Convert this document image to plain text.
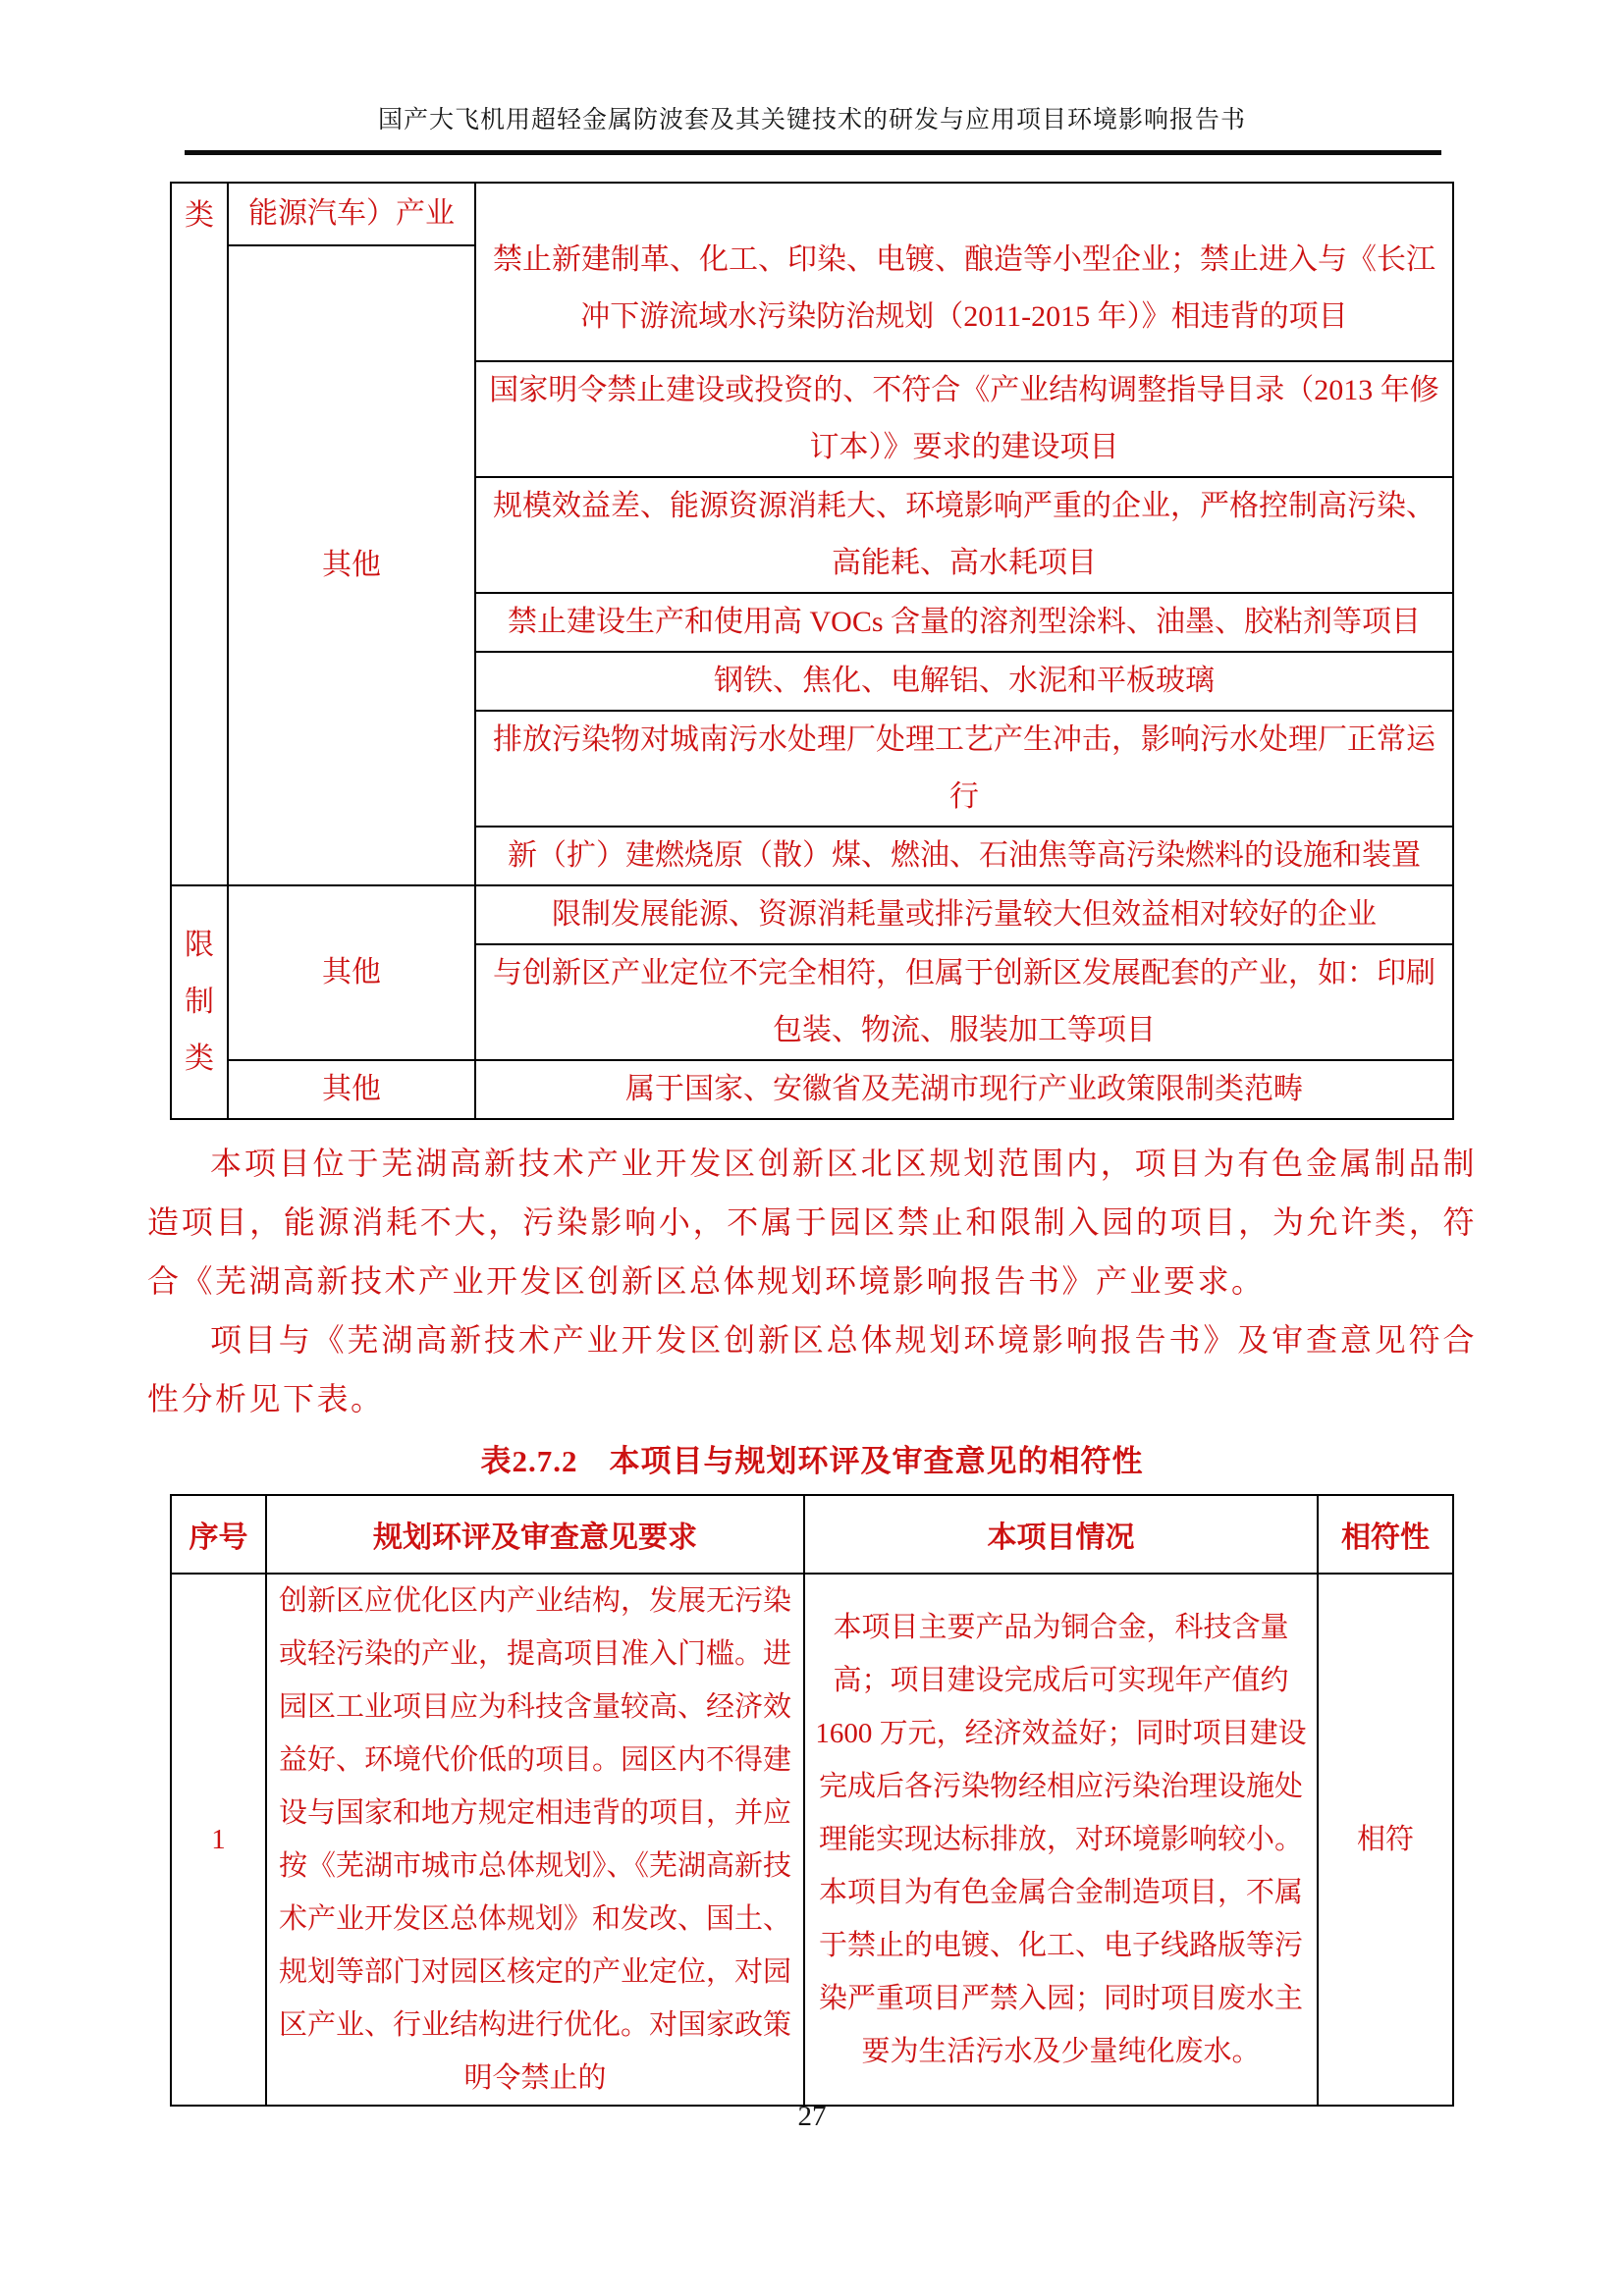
国产大飞机用超轻金属防波套及其关键技术的研发与应用项目环境影响报告书

类	能源汽车）产业	禁止新建制革、化工、印染、电镀、酿造等小型企业；禁止进入与《长江冲下游流域水污染防治规划（2011-2015 年）》相违背的项目
	其他	
		国家明令禁止建设或投资的、不符合《产业结构调整指导目录（2013 年修订本）》要求的建设项目
		规模效益差、能源资源消耗大、环境影响严重的企业，严格控制高污染、高能耗、高水耗项目
		禁止建设生产和使用高 VOCs 含量的溶剂型涂料、油墨、胶粘剂等项目
		钢铁、焦化、电解铝、水泥和平板玻璃
		排放污染物对城南污水处理厂处理工艺产生冲击，影响污水处理厂正常运行
		新（扩）建燃烧原（散）煤、燃油、石油焦等高污染燃料的设施和装置
限制类	其他	限制发展能源、资源消耗量或排污量较大但效益相对较好的企业
		与创新区产业定位不完全相符，但属于创新区发展配套的产业，如：印刷包装、物流、服装加工等项目
	其他	属于国家、安徽省及芜湖市现行产业政策限制类范畴

本项目位于芜湖高新技术产业开发区创新区北区规划范围内，项目为有色金属制品制造项目，能源消耗不大，污染影响小，不属于园区禁止和限制入园的项目，为允许类，符合《芜湖高新技术产业开发区创新区总体规划环境影响报告书》产业要求。

项目与《芜湖高新技术产业开发区创新区总体规划环境影响报告书》及审查意见符合性分析见下表。

表2.7.2　本项目与规划环评及审查意见的相符性

序号	规划环评及审查意见要求	本项目情况	相符性
1	创新区应优化区内产业结构，发展无污染或轻污染的产业，提高项目准入门槛。进园区工业项目应为科技含量较高、经济效益好、环境代价低的项目。园区内不得建设与国家和地方规定相违背的项目，并应按《芜湖市城市总体规划》、《芜湖高新技术产业开发区总体规划》和发改、国土、规划等部门对园区核定的产业定位，对园区产业、行业结构进行优化。对国家政策明令禁止的	本项目主要产品为铜合金，科技含量高；项目建设完成后可实现年产值约 1600 万元，经济效益好；同时项目建设完成后各污染物经相应污染治理设施处理能实现达标排放，对环境影响较小。本项目为有色金属合金制造项目，不属于禁止的电镀、化工、电子线路版等污染严重项目严禁入园；同时项目废水主要为生活污水及少量纯化废水。	相符
27
